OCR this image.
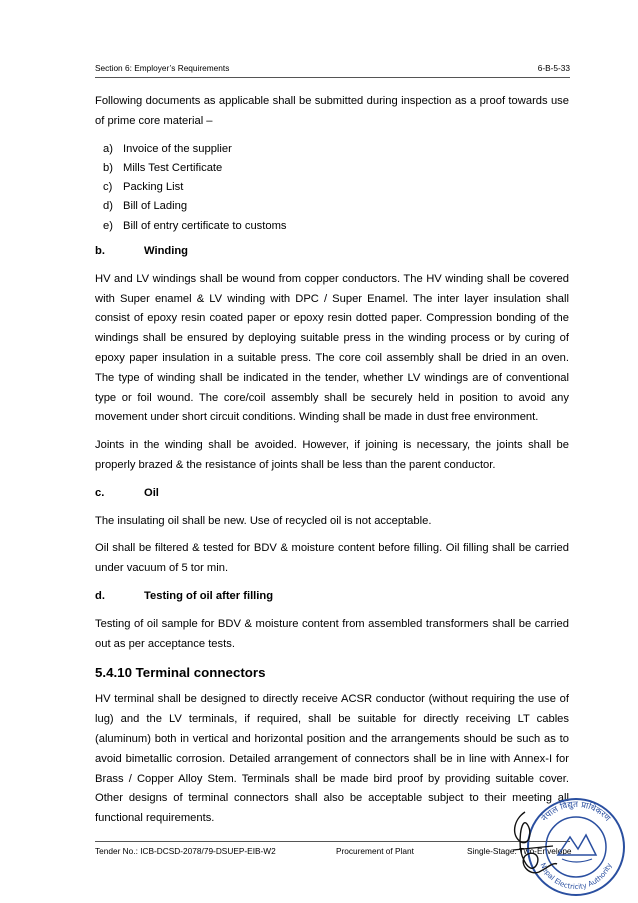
Section 6: Employer’s Requirements	6-B-5-33

Following documents as applicable shall be submitted during inspection as a proof towards use of prime core material –

a) Invoice of the supplier
b) Mills Test Certificate
c) Packing List
d) Bill of Lading
e) Bill of entry certificate to customs
b.	Winding

HV and LV windings shall be wound from copper conductors. The HV winding shall be covered with Super enamel & LV winding with DPC / Super Enamel. The inter layer insulation shall consist of epoxy resin coated paper or epoxy resin dotted paper. Compression bonding of the windings shall be ensured by deploying suitable press in the winding process or by curing of epoxy paper insulation in a suitable press. The core coil assembly shall be dried in an oven. The type of winding shall be indicated in the tender, whether LV windings are of conventional type or foil wound. The core/coil assembly shall be securely held in position to avoid any movement under short circuit conditions. Winding shall be made in dust free environment.

Joints in the winding shall be avoided. However, if joining is necessary, the joints shall be properly brazed & the resistance of joints shall be less than the parent conductor.

c.	Oil

The insulating oil shall be new. Use of recycled oil is not acceptable.

Oil shall be filtered & tested for BDV & moisture content before filling. Oil filling shall be carried under vacuum of 5 tor min.

d.	Testing of oil after filling

Testing of oil sample for BDV & moisture content from assembled transformers shall be carried out as per acceptance tests.

5.4.10 Terminal connectors

HV terminal shall be designed to directly receive ACSR conductor (without requiring the use of lug) and the LV terminals, if required, shall be suitable for directly receiving LT cables (aluminum) both in vertical and horizontal position and the arrangements should be such as to avoid bimetallic corrosion. Detailed arrangement of connectors shall be in line with Annex-I for Brass / Copper Alloy Stem. Terminals shall be made bird proof by providing suitable cover. Other designs of terminal connectors shall also be acceptable subject to their meeting all functional requirements.

Tender No.: ICB-DCSD-2078/79-DSUEP-EIB-W2	Procurement of Plant	Single-Stage: Two-Envelope
नेपाल विद्युत प्राधिकरण
Nepal Electricity Authority
